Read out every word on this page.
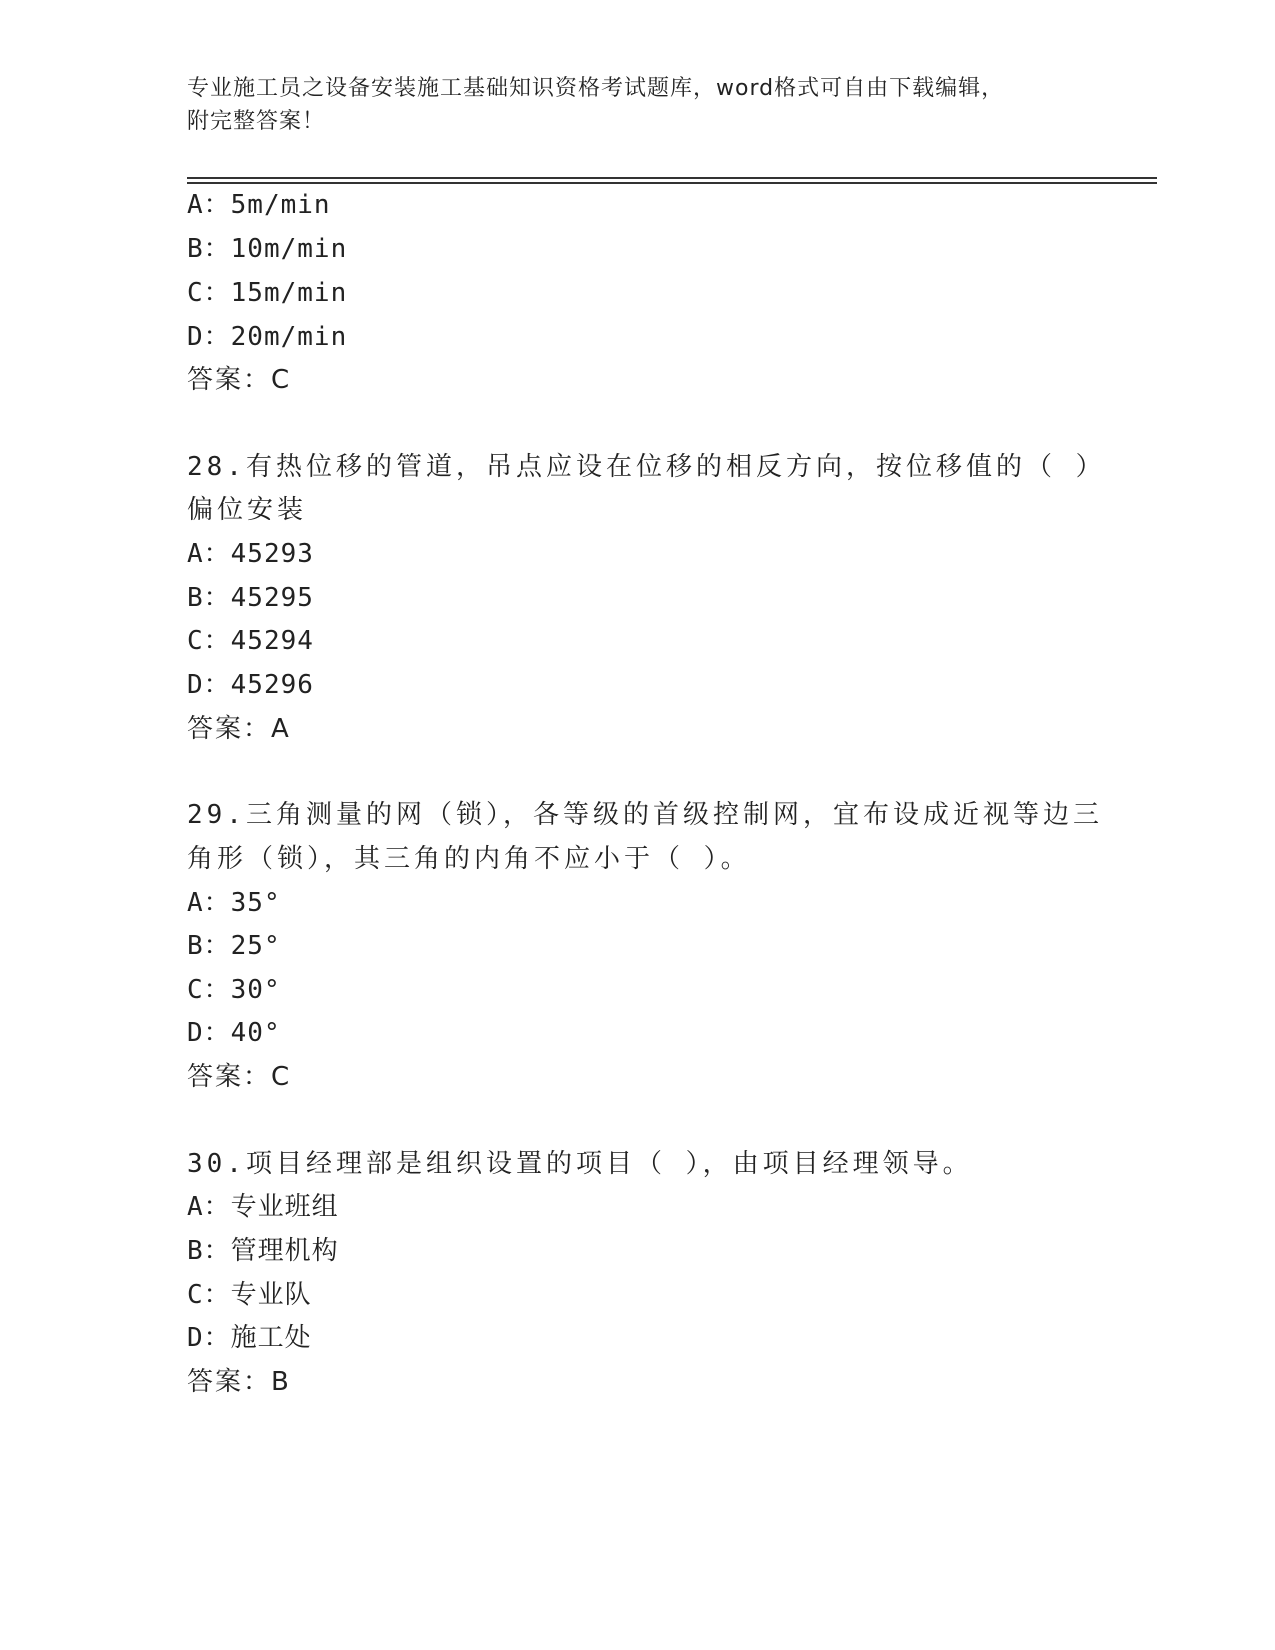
专业施工员之设备安装施工基础知识资格考试题库，word格式可自由下载编辑，
附完整答案！
A：5m/min
B：10m/min
C：15m/min
D：20m/min
答案：C
28.有热位移的管道，吊点应设在位移的相反方向，按位移值的（ ）
偏位安装
A：45293
B：45295
C：45294
D：45296
答案：A
29.三角测量的网（锁），各等级的首级控制网，宜布设成近视等边三
角形（锁），其三角的内角不应小于（ ）。
A：35°
B：25°
C：30°
D：40°
答案：C
30.项目经理部是组织设置的项目（ ），由项目经理领导。
A：专业班组
B：管理机构
C：专业队
D：施工处
答案：B
